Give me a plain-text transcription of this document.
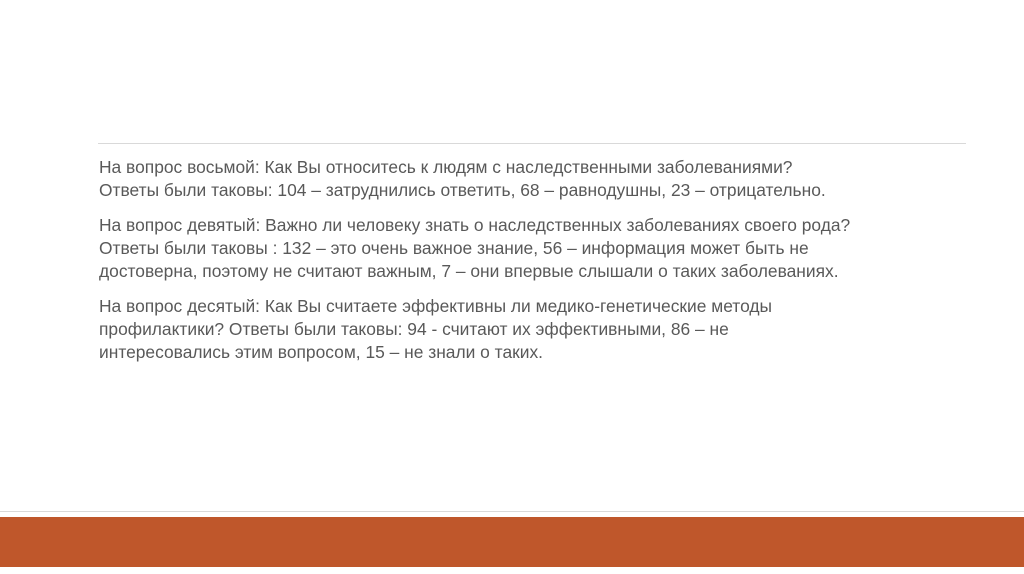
На вопрос восьмой: Как Вы относитесь к людям с наследственными заболеваниями?
Ответы были таковы: 104 – затруднились ответить, 68 – равнодушны, 23 – отрицательно.

На вопрос девятый: Важно ли человеку знать о наследственных заболеваниях своего рода?
Ответы были таковы : 132 – это очень важное знание, 56 – информация может быть не
достоверна, поэтому не считают важным, 7 – они впервые слышали о таких заболеваниях.

На вопрос десятый: Как Вы считаете эффективны ли медико-генетические методы
профилактики? Ответы были таковы: 94 - считают их эффективными, 86 – не
интересовались этим вопросом, 15 – не знали о таких.
